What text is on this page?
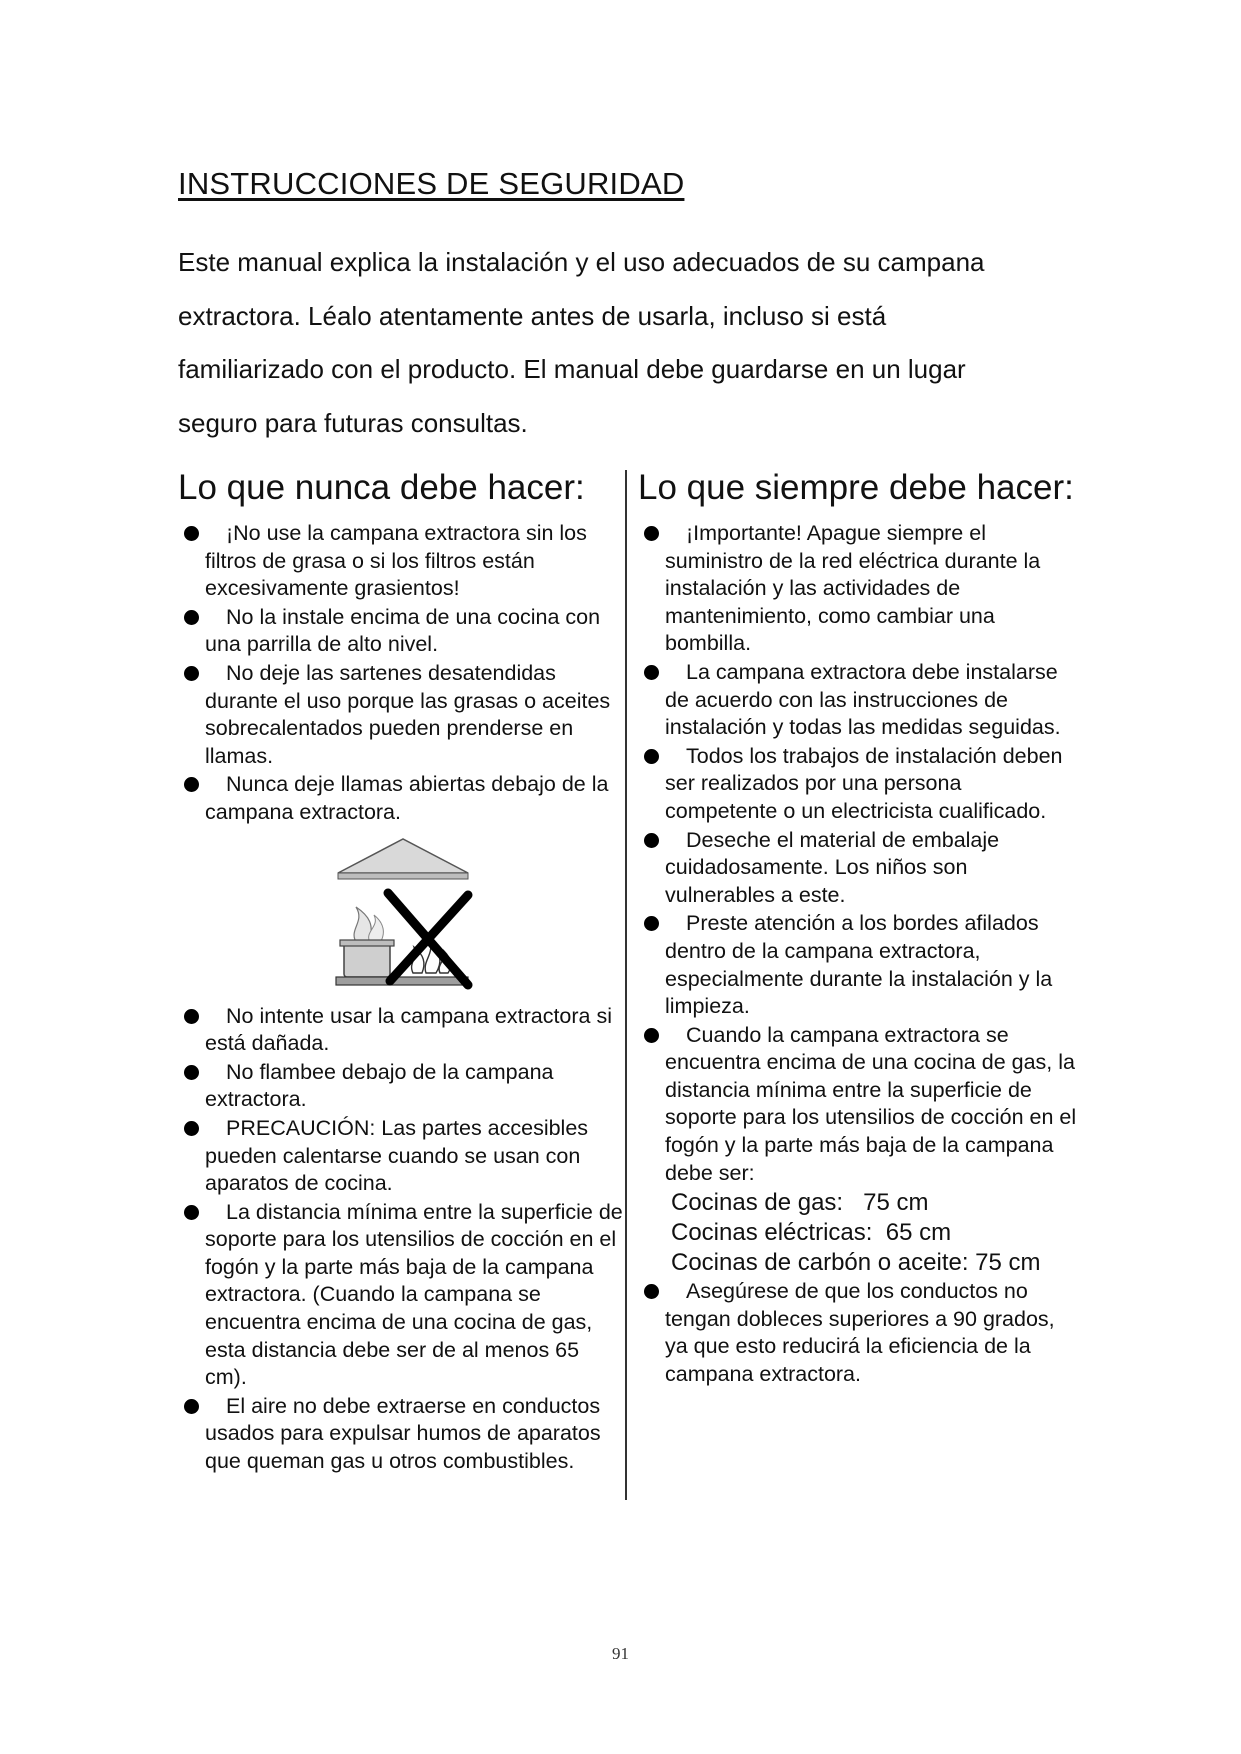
INSTRUCCIONES DE SEGURIDAD
Este manual explica la instalación y el uso adecuados de su campana
extractora. Léalo atentamente antes de usarla, incluso si está
familiarizado con el producto. El manual debe guardarse en un lugar
seguro para futuras consultas.
Lo que nunca debe hacer: Lo que siempre debe hacer:
¡No use la campana extractora sin los filtros de grasa o si los filtros están excesivamente grasientos!
No la instale encima de una cocina con una parrilla de alto nivel.
No deje las sartenes desatendidas durante el uso porque las grasas o aceites sobrecalentados pueden prenderse en llamas.
Nunca deje llamas abiertas debajo de la campana extractora.
No intente usar la campana extractora si está dañada.
No flambee debajo de la campana extractora.
PRECAUCIÓN: Las partes accesibles pueden calentarse cuando se usan con aparatos de cocina.
La distancia mínima entre la superficie de soporte para los utensilios de cocción en el fogón y la parte más baja de la campana extractora. (Cuando la campana se encuentra encima de una cocina de gas, esta distancia debe ser de al menos 65 cm).
El aire no debe extraerse en conductos usados para expulsar humos de aparatos que queman gas u otros combustibles.
¡Importante! Apague siempre el suministro de la red eléctrica durante la instalación y las actividades de mantenimiento, como cambiar una bombilla.
La campana extractora debe instalarse de acuerdo con las instrucciones de instalación y todas las medidas seguidas.
Todos los trabajos de instalación deben ser realizados por una persona competente o un electricista cualificado.
Deseche el material de embalaje cuidadosamente. Los niños son vulnerables a este.
Preste atención a los bordes afilados dentro de la campana extractora, especialmente durante la instalación y la limpieza.
Cuando la campana extractora se encuentra encima de una cocina de gas, la distancia mínima entre la superficie de soporte para los utensilios de cocción en el fogón y la parte más baja de la campana debe ser:
Cocinas de gas:   75 cm
Cocinas eléctricas:  65 cm
Cocinas de carbón o aceite: 75 cm
Asegúrese de que los conductos no tengan dobleces superiores a 90 grados, ya que esto reducirá la eficiencia de la campana extractora.
91
